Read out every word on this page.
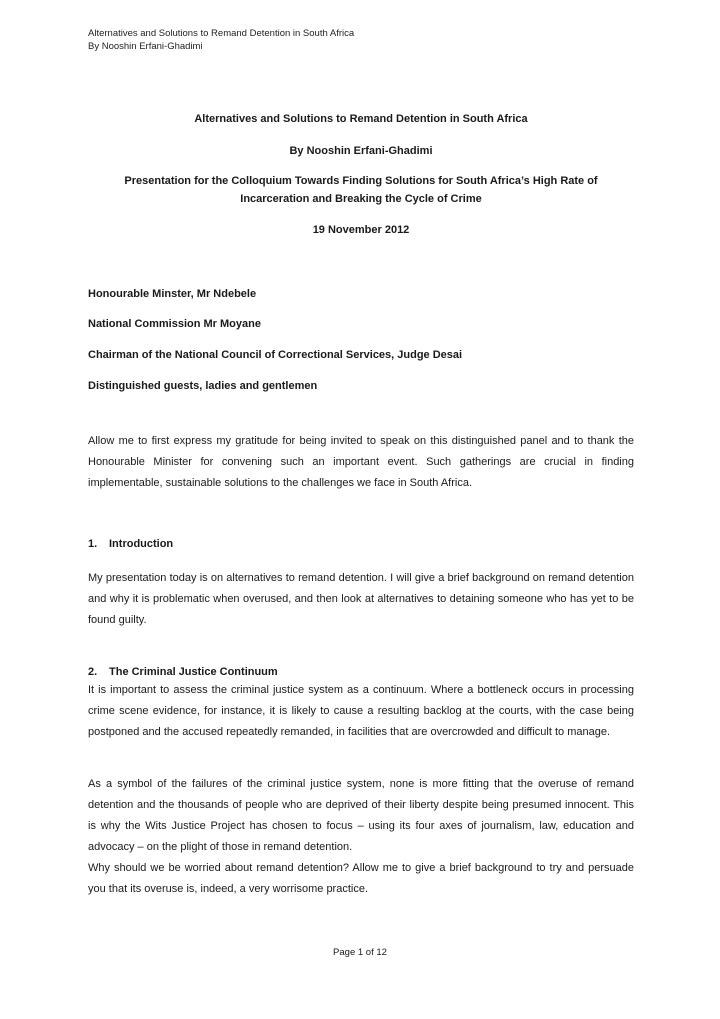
Alternatives and Solutions to Remand Detention in South Africa
By Nooshin Erfani-Ghadimi
Alternatives and Solutions to Remand Detention in South Africa
By Nooshin Erfani-Ghadimi
Presentation for the Colloquium Towards Finding Solutions for South Africa’s High Rate of
Incarceration and Breaking the Cycle of Crime
19 November 2012
Honourable Minster, Mr Ndebele
National Commission Mr Moyane
Chairman of the National Council of Correctional Services, Judge Desai
Distinguished guests, ladies and gentlemen
Allow me to first express my gratitude for being invited to speak on this distinguished panel and to thank the Honourable Minister for convening such an important event. Such gatherings are crucial in finding implementable, sustainable solutions to the challenges we face in South Africa.
1. Introduction
My presentation today is on alternatives to remand detention. I will give a brief background on remand detention and why it is problematic when overused, and then look at alternatives to detaining someone who has yet to be found guilty.
2. The Criminal Justice Continuum
It is important to assess the criminal justice system as a continuum. Where a bottleneck occurs in processing crime scene evidence, for instance, it is likely to cause a resulting backlog at the courts, with the case being postponed and the accused repeatedly remanded, in facilities that are overcrowded and difficult to manage.
As a symbol of the failures of the criminal justice system, none is more fitting that the overuse of remand detention and the thousands of people who are deprived of their liberty despite being presumed innocent. This is why the Wits Justice Project has chosen to focus – using its four axes of journalism, law, education and advocacy – on the plight of those in remand detention.
Why should we be worried about remand detention? Allow me to give a brief background to try and persuade you that its overuse is, indeed, a very worrisome practice.
Page 1 of 12
